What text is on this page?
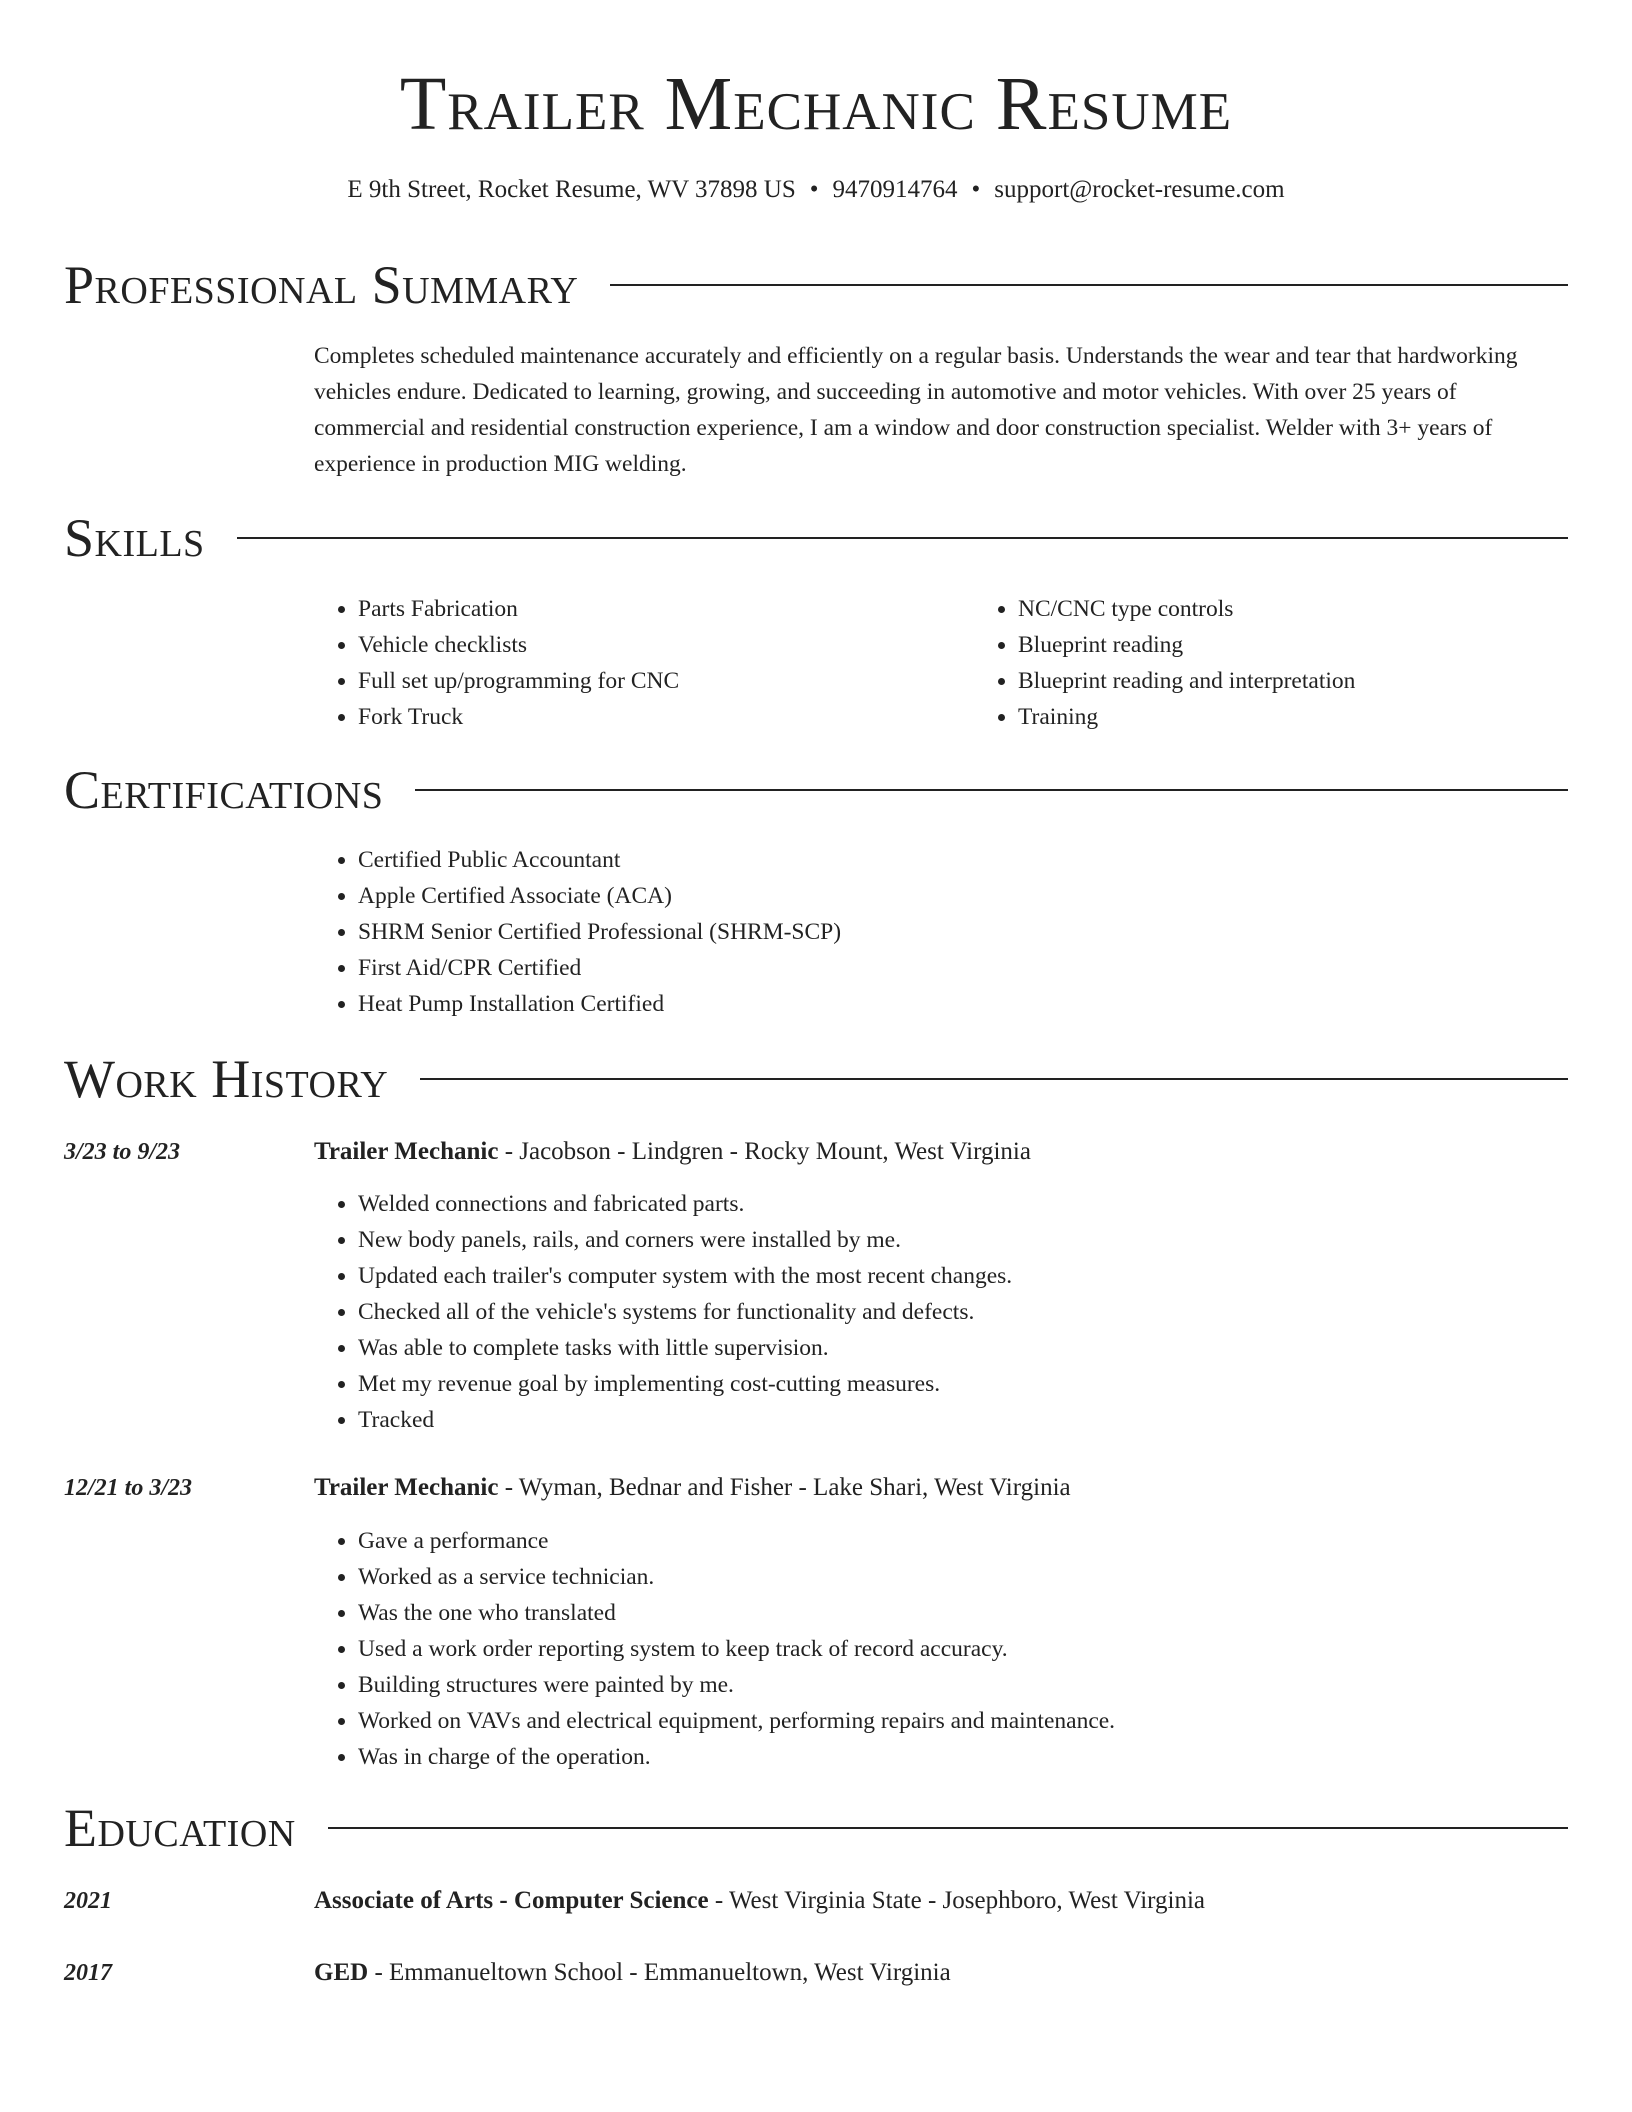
Trailer Mechanic Resume
E 9th Street, Rocket Resume, WV 37898 US • 9470914764 • support@rocket-resume.com
Professional Summary

Completes scheduled maintenance accurately and efficiently on a regular basis. Understands the wear and tear that hardworking vehicles endure. Dedicated to learning, growing, and succeeding in automotive and motor vehicles. With over 25 years of commercial and residential construction experience, I am a window and door construction specialist. Welder with 3+ years of experience in production MIG welding.

Skills
• Parts Fabrication
• Vehicle checklists
• Full set up/programming for CNC
• Fork Truck
• NC/CNC type controls
• Blueprint reading
• Blueprint reading and interpretation
• Training
Certifications
• Certified Public Accountant
• Apple Certified Associate (ACA)
• SHRM Senior Certified Professional (SHRM-SCP)
• First Aid/CPR Certified
• Heat Pump Installation Certified
Work History
3/23 to 9/23	Trailer Mechanic - Jacobson - Lindgren - Rocky Mount, West Virginia

• Welded connections and fabricated parts.
• New body panels, rails, and corners were installed by me.
• Updated each trailer's computer system with the most recent changes.
• Checked all of the vehicle's systems for functionality and defects.
• Was able to complete tasks with little supervision.
• Met my revenue goal by implementing cost-cutting measures.
• Tracked
12/21 to 3/23	Trailer Mechanic - Wyman, Bednar and Fisher - Lake Shari, West Virginia

• Gave a performance
• Worked as a service technician.
• Was the one who translated
• Used a work order reporting system to keep track of record accuracy.
• Building structures were painted by me.
• Worked on VAVs and electrical equipment, performing repairs and maintenance.
• Was in charge of the operation.
Education
2021	Associate of Arts - Computer Science - West Virginia State - Josephboro, West Virginia

2017	GED - Emmanueltown School - Emmanueltown, West Virginia
